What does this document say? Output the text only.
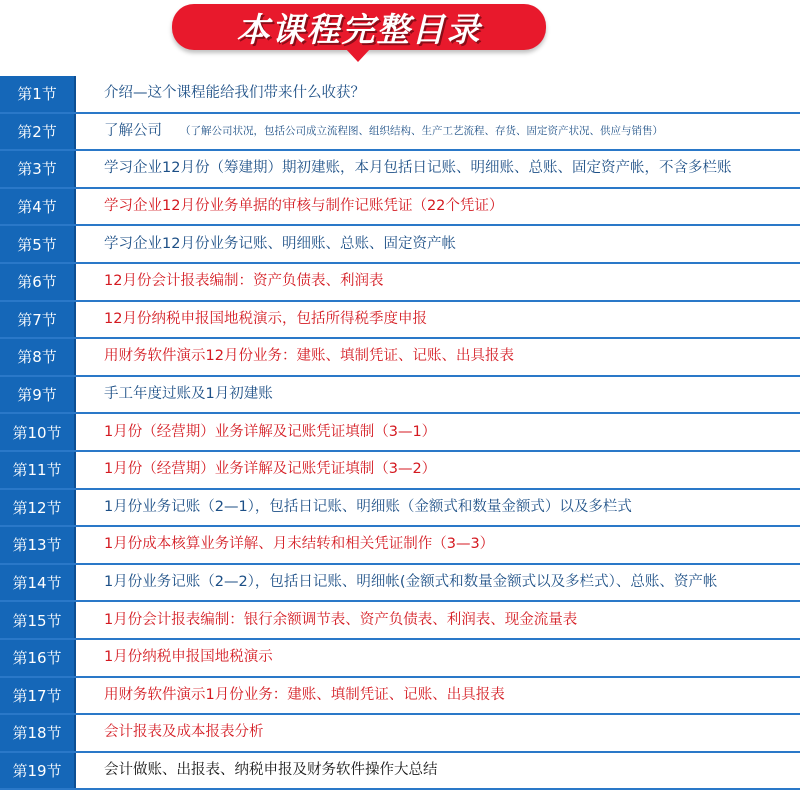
本课程完整目录
第1节	介绍—这个课程能给我们带来什么收获？
第2节	了解公司 （了解公司状况，包括公司成立流程图、组织结构、生产工艺流程、存货、固定资产状况、供应与销售）
第3节	学习企业12月份（筹建期）期初建账，本月包括日记账、明细账、总账、固定资产帐，不含多栏账
第4节	学习企业12月份业务单据的审核与制作记账凭证（22个凭证）
第5节	学习企业12月份业务记账、明细账、总账、固定资产帐
第6节	12月份会计报表编制：资产负债表、利润表
第7节	12月份纳税申报国地税演示，包括所得税季度申报
第8节	用财务软件演示12月份业务：建账、填制凭证、记账、出具报表
第9节	手工年度过账及1月初建账
第10节	1月份（经营期）业务详解及记账凭证填制（3—1）
第11节	1月份（经营期）业务详解及记账凭证填制（3—2）
第12节	1月份业务记账（2—1），包括日记账、明细账（金额式和数量金额式）以及多栏式
第13节	1月份成本核算业务详解、月末结转和相关凭证制作（3—3）
第14节	1月份业务记账（2—2），包括日记账、明细帐(金额式和数量金额式以及多栏式）、总账、资产帐
第15节	1月份会计报表编制：银行余额调节表、资产负债表、利润表、现金流量表
第16节	1月份纳税申报国地税演示
第17节	用财务软件演示1月份业务：建账、填制凭证、记账、出具报表
第18节	会计报表及成本报表分析
第19节	会计做账、出报表、纳税申报及财务软件操作大总结
